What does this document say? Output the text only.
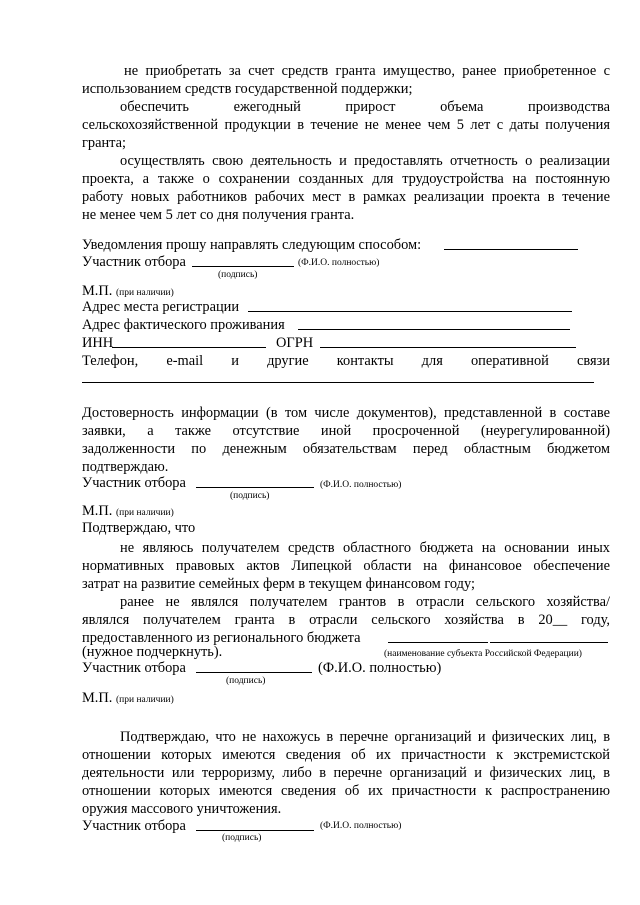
не приобретать за счет средств гранта имущество, ранее приобретенное с
использованием средств государственной поддержки;
обеспечить ежегодный прирост объема производства
сельскохозяйственной продукции в течение не менее чем 5 лет с даты получения
гранта;
осуществлять свою деятельность и предоставлять отчетность о реализации
проекта, а также о сохранении созданных для трудоустройства на постоянную
работу новых работников рабочих мест в рамках реализации проекта в течение
не менее чем 5 лет со дня получения гранта.
Уведомления прошу направлять следующим способом:
Участник отбора	(Ф.И.О. полностью)
(подпись)
М.П. (при наличии)
Адрес места регистрации
Адрес фактического проживания
ИНН	ОГРН
Телефон, e-mail и другие контакты для оперативной связи
Достоверность информации (в том числе документов), представленной в составе
заявки, а также отсутствие иной просроченной (неурегулированной)
задолженности по денежным обязательствам перед областным бюджетом
подтверждаю.
Участник отбора	(Ф.И.О. полностью)
(подпись)
М.П. (при наличии)
Подтверждаю, что
не являюсь получателем средств областного бюджета на основании иных
нормативных правовых актов Липецкой области на финансовое обеспечение
затрат на развитие семейных ферм в текущем финансовом году;
ранее не являлся получателем грантов в отрасли сельского хозяйства/
являлся получателем гранта в отрасли сельского хозяйства в 20__ году,
предоставленного из регионального бюджета
(нужное подчеркнуть).	(наименование субъекта Российской Федерации)
Участник отбора	(Ф.И.О. полностью)
(подпись)
М.П. (при наличии)
Подтверждаю, что не нахожусь в перечне организаций и физических лиц, в
отношении которых имеются сведения об их причастности к экстремистской
деятельности или терроризму, либо в перечне организаций и физических лиц, в
отношении которых имеются сведения об их причастности к распространению
оружия массового уничтожения.
Участник отбора	(Ф.И.О. полностью)
(подпись)
